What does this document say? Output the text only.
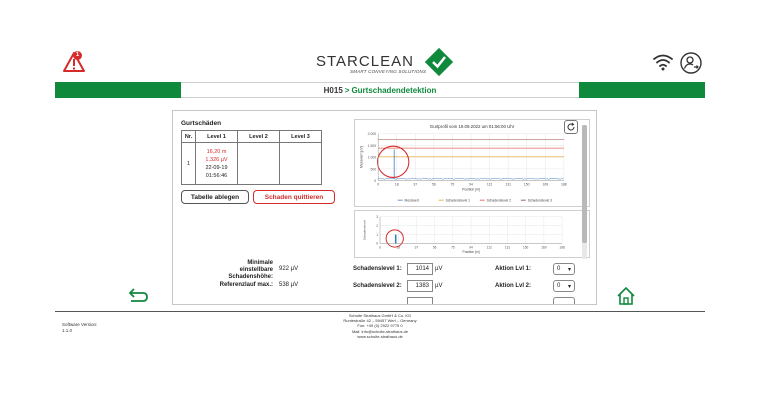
1	STARCLEAN
SMART CONVEYING SOLUTIONS
H015 > Gurtschadendetektion
Gurtschäden
Nr.	Level 1	Level 2	Level 3
1	16,20 m
1.326 µV
22-09-19
01:56:46		

Tabelle ablegen	Schaden quittieren
Gurtprofil vom 19.09.2022 um 01:56:00 Uhr
0
500
1.000
1.500
2.000
0	18	37	56	75	94	112	131	150	169	188
Position [m]
Messwert [µV]
Messwert	Schadenslevel 1	Schadenslevel 2	Schadenslevel 3
0
1
2
3
0	18	37	56	75	94	112	131	150	169	188
Position [m]
Schadenslevel
Minimale einstellbare Schadenshöhe:
922 µV
Referenzlauf max.: 538 µV
Schadenslevel 1:	1014	µV
Schadenslevel 2:	1383	µV
Aktion Lvl 1:	0 ▾
Aktion Lvl 2:	0 ▾
Software Version:
1.1.0
Schulte Strathaus GmbH & Co. KG
Runtestraße 42 – 59457 Werl – Germany
Fon: +49 (0) 2922 9775 0
Mail: info@schulte-strathaus.de
www.schulte-strathaus.de
